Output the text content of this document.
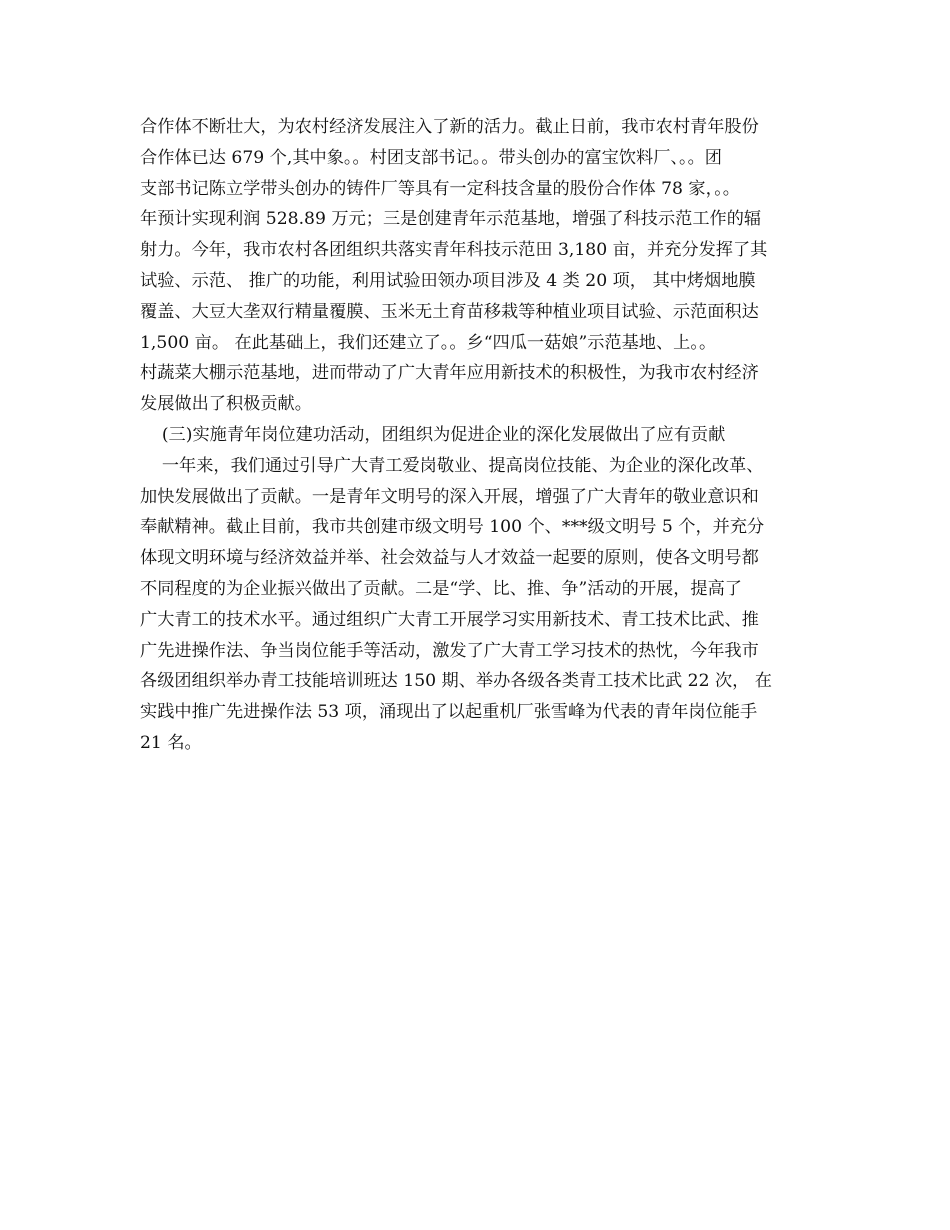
合作体不断壮大，为农村经济发展注入了新的活力。截止日前，我市农村青年股份
合作体已达 679 个,其中象。。村团支部书记。。带头创办的富宝饮料厂、。。团
支部书记陈立学带头创办的铸件厂等具有一定科技含量的股份合作体 78 家，。。
年预计实现利润 528.89 万元；三是创建青年示范基地，增强了科技示范工作的辐
射力。今年，我市农村各团组织共落实青年科技示范田 3,180 亩，并充分发挥了其
试验、示范、 推广的功能，利用试验田领办项目涉及 4 类 20 项， 其中烤烟地膜
覆盖、大豆大垄双行精量覆膜、玉米无土育苗移栽等种植业项目试验、示范面积达
1,500 亩。 在此基础上，我们还建立了。。乡“四瓜一菇娘”示范基地、上。。
村蔬菜大棚示范基地，进而带动了广大青年应用新技术的积极性，为我市农村经济
发展做出了积极贡献。
(三)实施青年岗位建功活动，团组织为促进企业的深化发展做出了应有贡献
一年来，我们通过引导广大青工爱岗敬业、提高岗位技能、为企业的深化改革、
加快发展做出了贡献。一是青年文明号的深入开展，增强了广大青年的敬业意识和
奉献精神。截止目前，我市共创建市级文明号 100 个、***级文明号 5 个，并充分
体现文明环境与经济效益并举、社会效益与人才效益一起要的原则，使各文明号都
不同程度的为企业振兴做出了贡献。二是“学、比、推、争”活动的开展，提高了
广大青工的技术水平。通过组织广大青工开展学习实用新技术、青工技术比武、推
广先进操作法、争当岗位能手等活动，激发了广大青工学习技术的热忱，今年我市
各级团组织举办青工技能培训班达 150 期、举办各级各类青工技术比武 22 次， 在
实践中推广先进操作法 53 项，涌现出了以起重机厂张雪峰为代表的青年岗位能手
21 名。
